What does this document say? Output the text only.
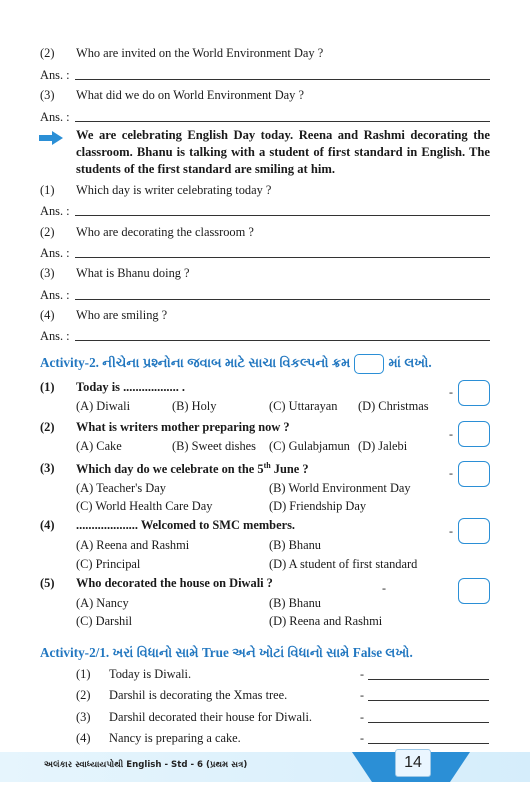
(2) Who are invited on the World Environment Day ?
Ans. :
(3) What did we do on World Environment Day ?
Ans. :
We are celebrating English Day today. Reena and Rashmi decorating the classroom. Bhanu is talking with a student of first standard in English. The students of the first standard are smiling at him.
(1) Which day is writer celebrating today ?
Ans. :
(2) Who are decorating the classroom ?
Ans. :
(3) What is Bhanu doing ?
Ans. :
(4) Who are smiling ?
Ans. :
Activity-2. નીચેના પ્રશ્નોના જવાબ માટે સાચા વિકલ્પનો ક્રમ	માં લખો.
(1) Today is .................. .
(A) Diwali	(B) Holy	(C) Uttarayan (D) Christmas
-
(2) What is writers mother preparing now ?
(A) Cake	(B) Sweet dishes (C) Gulabjamun (D) Jalebi
-
(3) Which day do we celebrate on the 5th June ?
(A) Teacher's Day	(B) World Environment Day
(C) World Health Care Day	(D) Friendship Day
-
(4) .................... Welcomed to SMC members.
(A) Reena and Rashmi	(B) Bhanu
(C) Principal	(D) A student of first standard
-
(5) Who decorated the house on Diwali ?
(A) Nancy	(B) Bhanu
(C) Darshil	(D) Reena and Rashmi
-
Activity-2/1. ખરાં વિધાનો સામે True અને ખોટાં વિધાનો સામે False લખો.
(1) Today is Diwali.	-
(2) Darshil is decorating the Xmas tree.	-
(3) Darshil decorated their house for Diwali.	-
(4) Nancy is preparing a cake.	-
અલંકાર સ્વાધ્યાયપોથી English - Std - 6 (પ્રથમ સત્ર)	14
